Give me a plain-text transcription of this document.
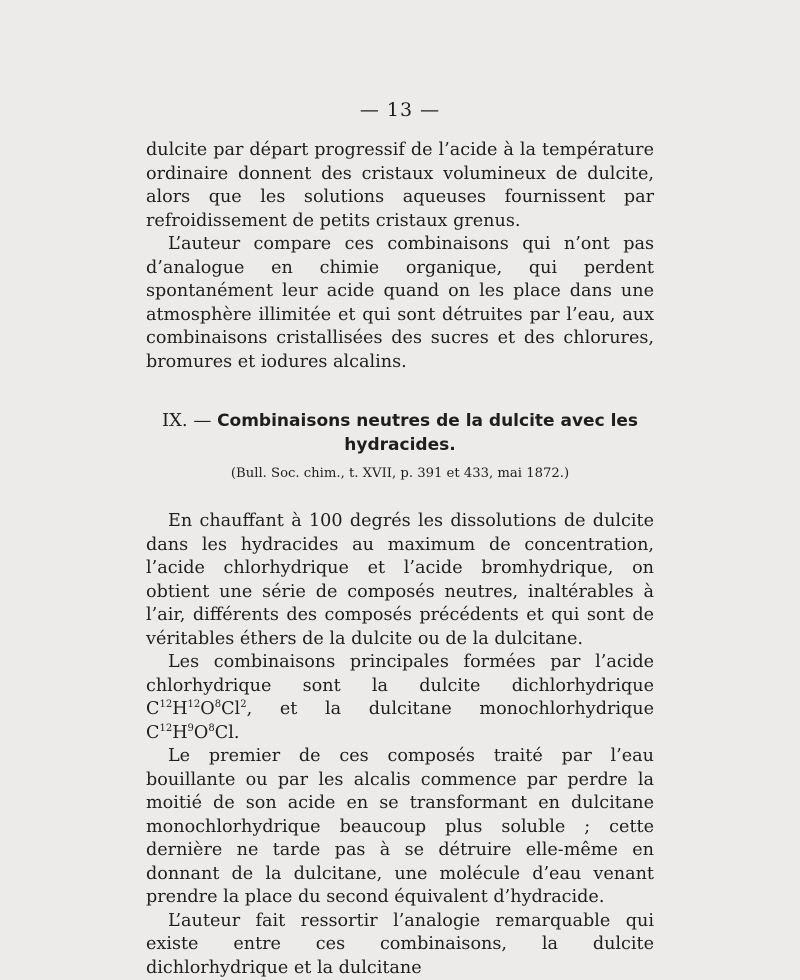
— 13 —

dulcite par départ progressif de l’acide à la température ordinaire donnent des cristaux volumineux de dulcite, alors que les solutions aqueuses fournissent par refroidissement de petits cristaux grenus.

L’auteur compare ces combinaisons qui n’ont pas d’analogue en chimie organique, qui perdent spontanément leur acide quand on les place dans une atmosphère illimitée et qui sont détruites par l’eau, aux combinaisons cristallisées des sucres et des chlorures, bromures et iodures alcalins.

IX. — Combinaisons neutres de la dulcite avec les hydracides.
(Bull. Soc. chim., t. XVII, p. 391 et 433, mai 1872.)

En chauffant à 100 degrés les dissolutions de dulcite dans les hydracides au maximum de concentration, l’acide chlorhydrique et l’acide bromhydrique, on obtient une série de composés neutres, inaltérables à l’air, différents des composés précédents et qui sont de véritables éthers de la dulcite ou de la dulcitane.

Les combinaisons principales formées par l’acide chlorhydrique sont la dulcite dichlorhydrique $C^{12}H^{12}O^8Cl^2$, et la dulcitane monochlorhydrique $C^{12}H^9O^8Cl$.

Le premier de ces composés traité par l’eau bouillante ou par les alcalis commence par perdre la moitié de son acide en se transformant en dulcitane monochlorhydrique beaucoup plus soluble ; cette dernière ne tarde pas à se détruire elle-même en donnant de la dulcitane, une molécule d’eau venant prendre la place du second équivalent d’hydracide.

L’auteur fait ressortir l’analogie remarquable qui existe entre ces combinaisons, la dulcite dichlorhydrique et la dulcitane
